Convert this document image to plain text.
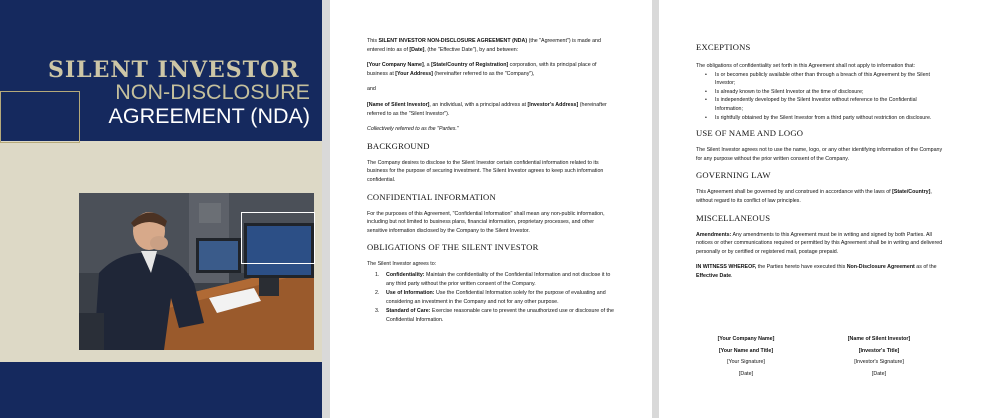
SILENT INVESTOR
NON-DISCLOSURE
AGREEMENT (NDA)

This SILENT INVESTOR NON-DISCLOSURE AGREEMENT (NDA) (the "Agreement") is made and entered into as of [Date], (the "Effective Date"), by and between:

[Your Company Name], a [State/Country of Registration] corporation, with its principal place of business at [Your Address] (hereinafter referred to as the "Company"),

and

[Name of Silent Investor], an individual, with a principal address at [Investor's Address] (hereinafter referred to as the "Silent Investor").

Collectively referred to as the "Parties."

BACKGROUND

The Company desires to disclose to the Silent Investor certain confidential information related to its business for the purpose of securing investment. The Silent Investor agrees to keep such information confidential.

CONFIDENTIAL INFORMATION

For the purposes of this Agreement, "Confidential Information" shall mean any non-public information, including but not limited to business plans, financial information, proprietary processes, and other sensitive information disclosed by the Company to the Silent Investor.

OBLIGATIONS OF THE SILENT INVESTOR

The Silent Investor agrees to:

1. Confidentiality: Maintain the confidentiality of the Confidential Information and not disclose it to any third party without the prior written consent of the Company.
2. Use of Information: Use the Confidential Information solely for the purpose of evaluating and considering an investment in the Company and not for any other purpose.
3. Standard of Care: Exercise reasonable care to prevent the unauthorized use or disclosure of the Confidential Information.
EXCEPTIONS

The obligations of confidentiality set forth in this Agreement shall not apply to information that:

• Is or becomes publicly available other than through a breach of this Agreement by the Silent Investor;
• Is already known to the Silent Investor at the time of disclosure;
• Is independently developed by the Silent Investor without reference to the Confidential Information;
• Is rightfully obtained by the Silent Investor from a third party without restriction on disclosure.
USE OF NAME AND LOGO

The Silent Investor agrees not to use the name, logo, or any other identifying information of the Company for any purpose without the prior written consent of the Company.

GOVERNING LAW

This Agreement shall be governed by and construed in accordance with the laws of [State/Country], without regard to its conflict of law principles.

MISCELLANEOUS

Amendments: Any amendments to this Agreement must be in writing and signed by both Parties. All notices or other communications required or permitted by this Agreement shall be in writing and delivered personally or by certified or registered mail, postage prepaid.

IN WITNESS WHEREOF, the Parties hereto have executed this Non-Disclosure Agreement as of the Effective Date.

[Your Company Name]
[Your Name and Title]
[Your Signature]
[Date]
[Name of Silent Investor]
[Investor's Title]
[Investor's Signature]
[Date]
